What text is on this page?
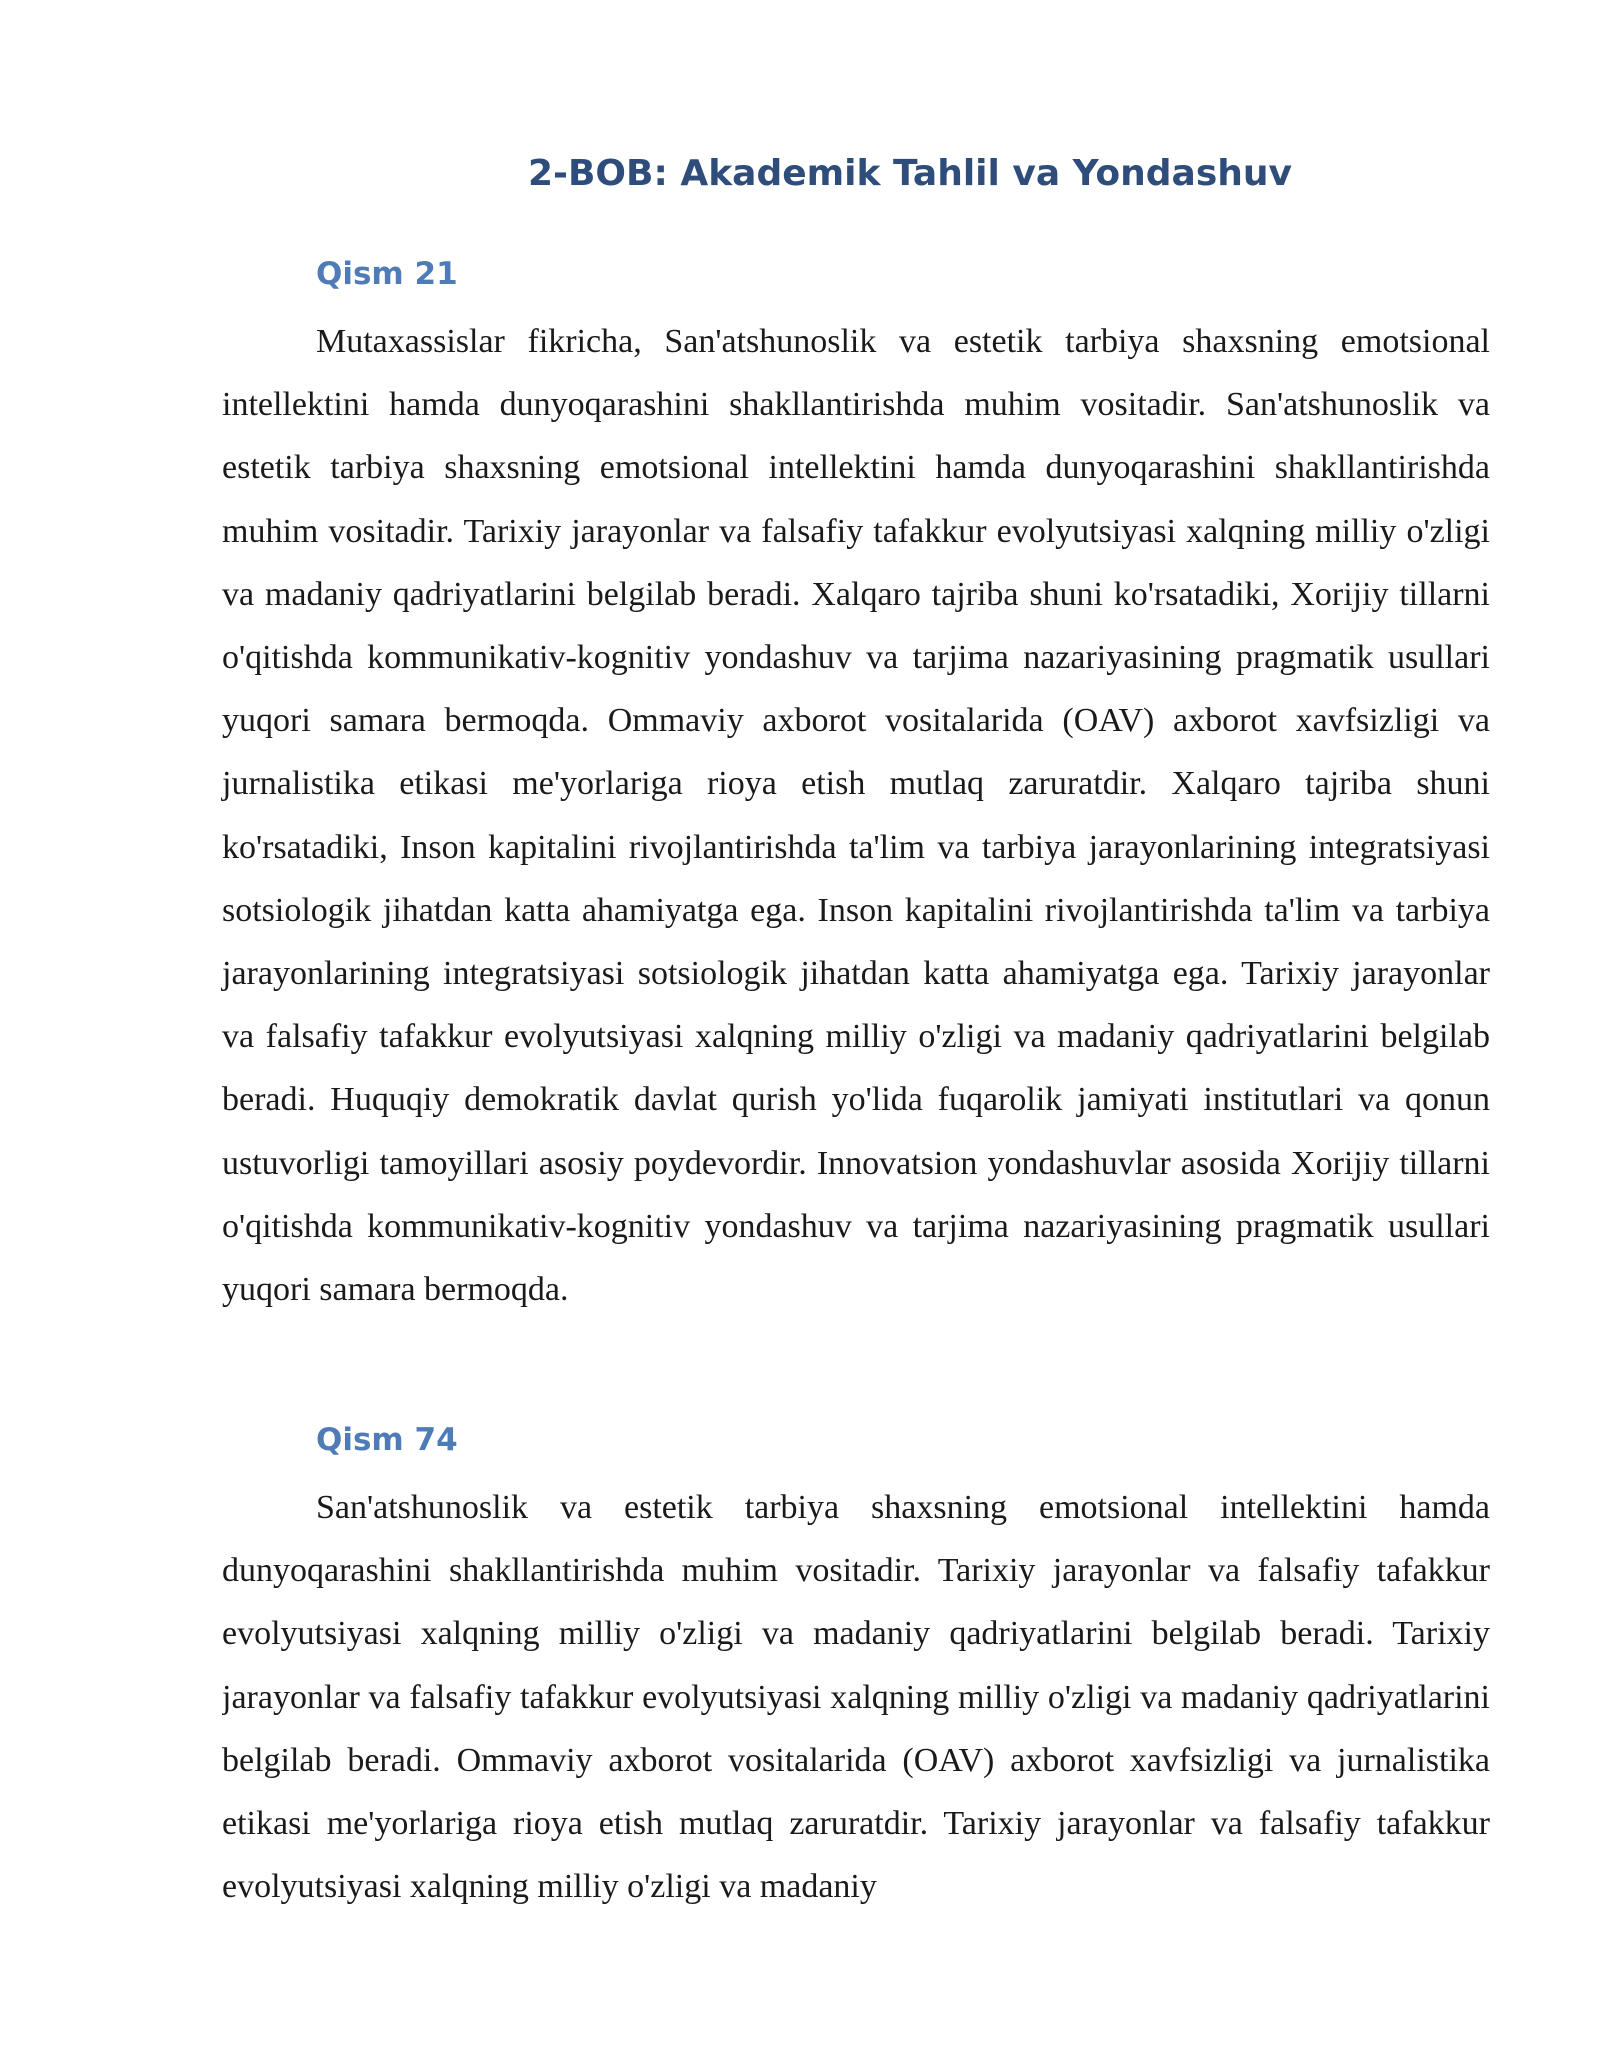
2-BOB: Akademik Tahlil va Yondashuv
Qism 21

Mutaxassislar fikricha, San'atshunoslik va estetik tarbiya shaxsning emotsional intellektini hamda dunyoqarashini shakllantirishda muhim vositadir. San'atshunoslik va estetik tarbiya shaxsning emotsional intellektini hamda dunyoqarashini shakllantirishda muhim vositadir. Tarixiy jarayonlar va falsafiy tafakkur evolyutsiyasi xalqning milliy o'zligi va madaniy qadriyatlarini belgilab beradi. Xalqaro tajriba shuni ko'rsatadiki, Xorijiy tillarni o'qitishda kommunikativ-kognitiv yondashuv va tarjima nazariyasining pragmatik usullari yuqori samara bermoqda. Ommaviy axborot vositalarida (OAV) axborot xavfsizligi va jurnalistika etikasi me'yorlariga rioya etish mutlaq zaruratdir. Xalqaro tajriba shuni ko'rsatadiki, Inson kapitalini rivojlantirishda ta'lim va tarbiya jarayonlarining integratsiyasi sotsiologik jihatdan katta ahamiyatga ega. Inson kapitalini rivojlantirishda ta'lim va tarbiya jarayonlarining integratsiyasi sotsiologik jihatdan katta ahamiyatga ega. Tarixiy jarayonlar va falsafiy tafakkur evolyutsiyasi xalqning milliy o'zligi va madaniy qadriyatlarini belgilab beradi. Huquqiy demokratik davlat qurish yo'lida fuqarolik jamiyati institutlari va qonun ustuvorligi tamoyillari asosiy poydevordir. Innovatsion yondashuvlar asosida Xorijiy tillarni o'qitishda kommunikativ-kognitiv yondashuv va tarjima nazariyasining pragmatik usullari yuqori samara bermoqda.

Qism 74

San'atshunoslik va estetik tarbiya shaxsning emotsional intellektini hamda dunyoqarashini shakllantirishda muhim vositadir. Tarixiy jarayonlar va falsafiy tafakkur evolyutsiyasi xalqning milliy o'zligi va madaniy qadriyatlarini belgilab beradi. Tarixiy jarayonlar va falsafiy tafakkur evolyutsiyasi xalqning milliy o'zligi va madaniy qadriyatlarini belgilab beradi. Ommaviy axborot vositalarida (OAV) axborot xavfsizligi va jurnalistika etikasi me'yorlariga rioya etish mutlaq zaruratdir. Tarixiy jarayonlar va falsafiy tafakkur evolyutsiyasi xalqning milliy o'zligi va madaniy
